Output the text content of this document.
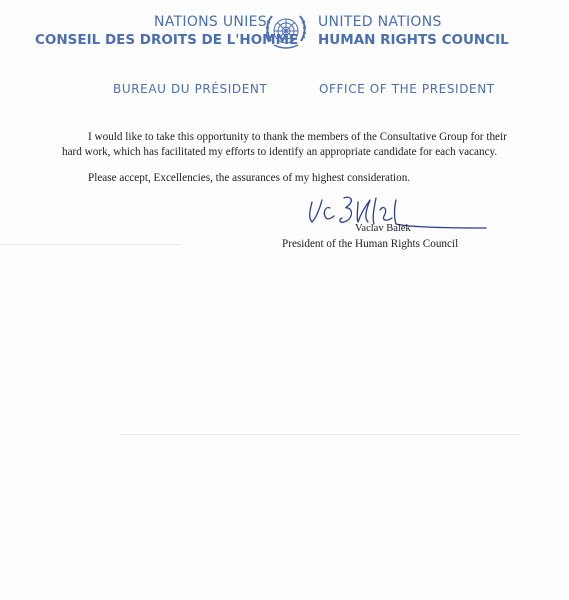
NATIONS UNIES	UNITED NATIONS
CONSEIL DES DROITS DE L'HOMME HUMAN RIGHTS COUNCIL
BUREAU DU PRÉSIDENT	OFFICE OF THE PRESIDENT
I would like to take this opportunity to thank the members of the Consultative Group for their
hard work, which has facilitated my efforts to identify an appropriate candidate for each vacancy.
Please accept, Excellencies, the assurances of my highest consideration.
Vaclav Balek
President of the Human Rights Council
